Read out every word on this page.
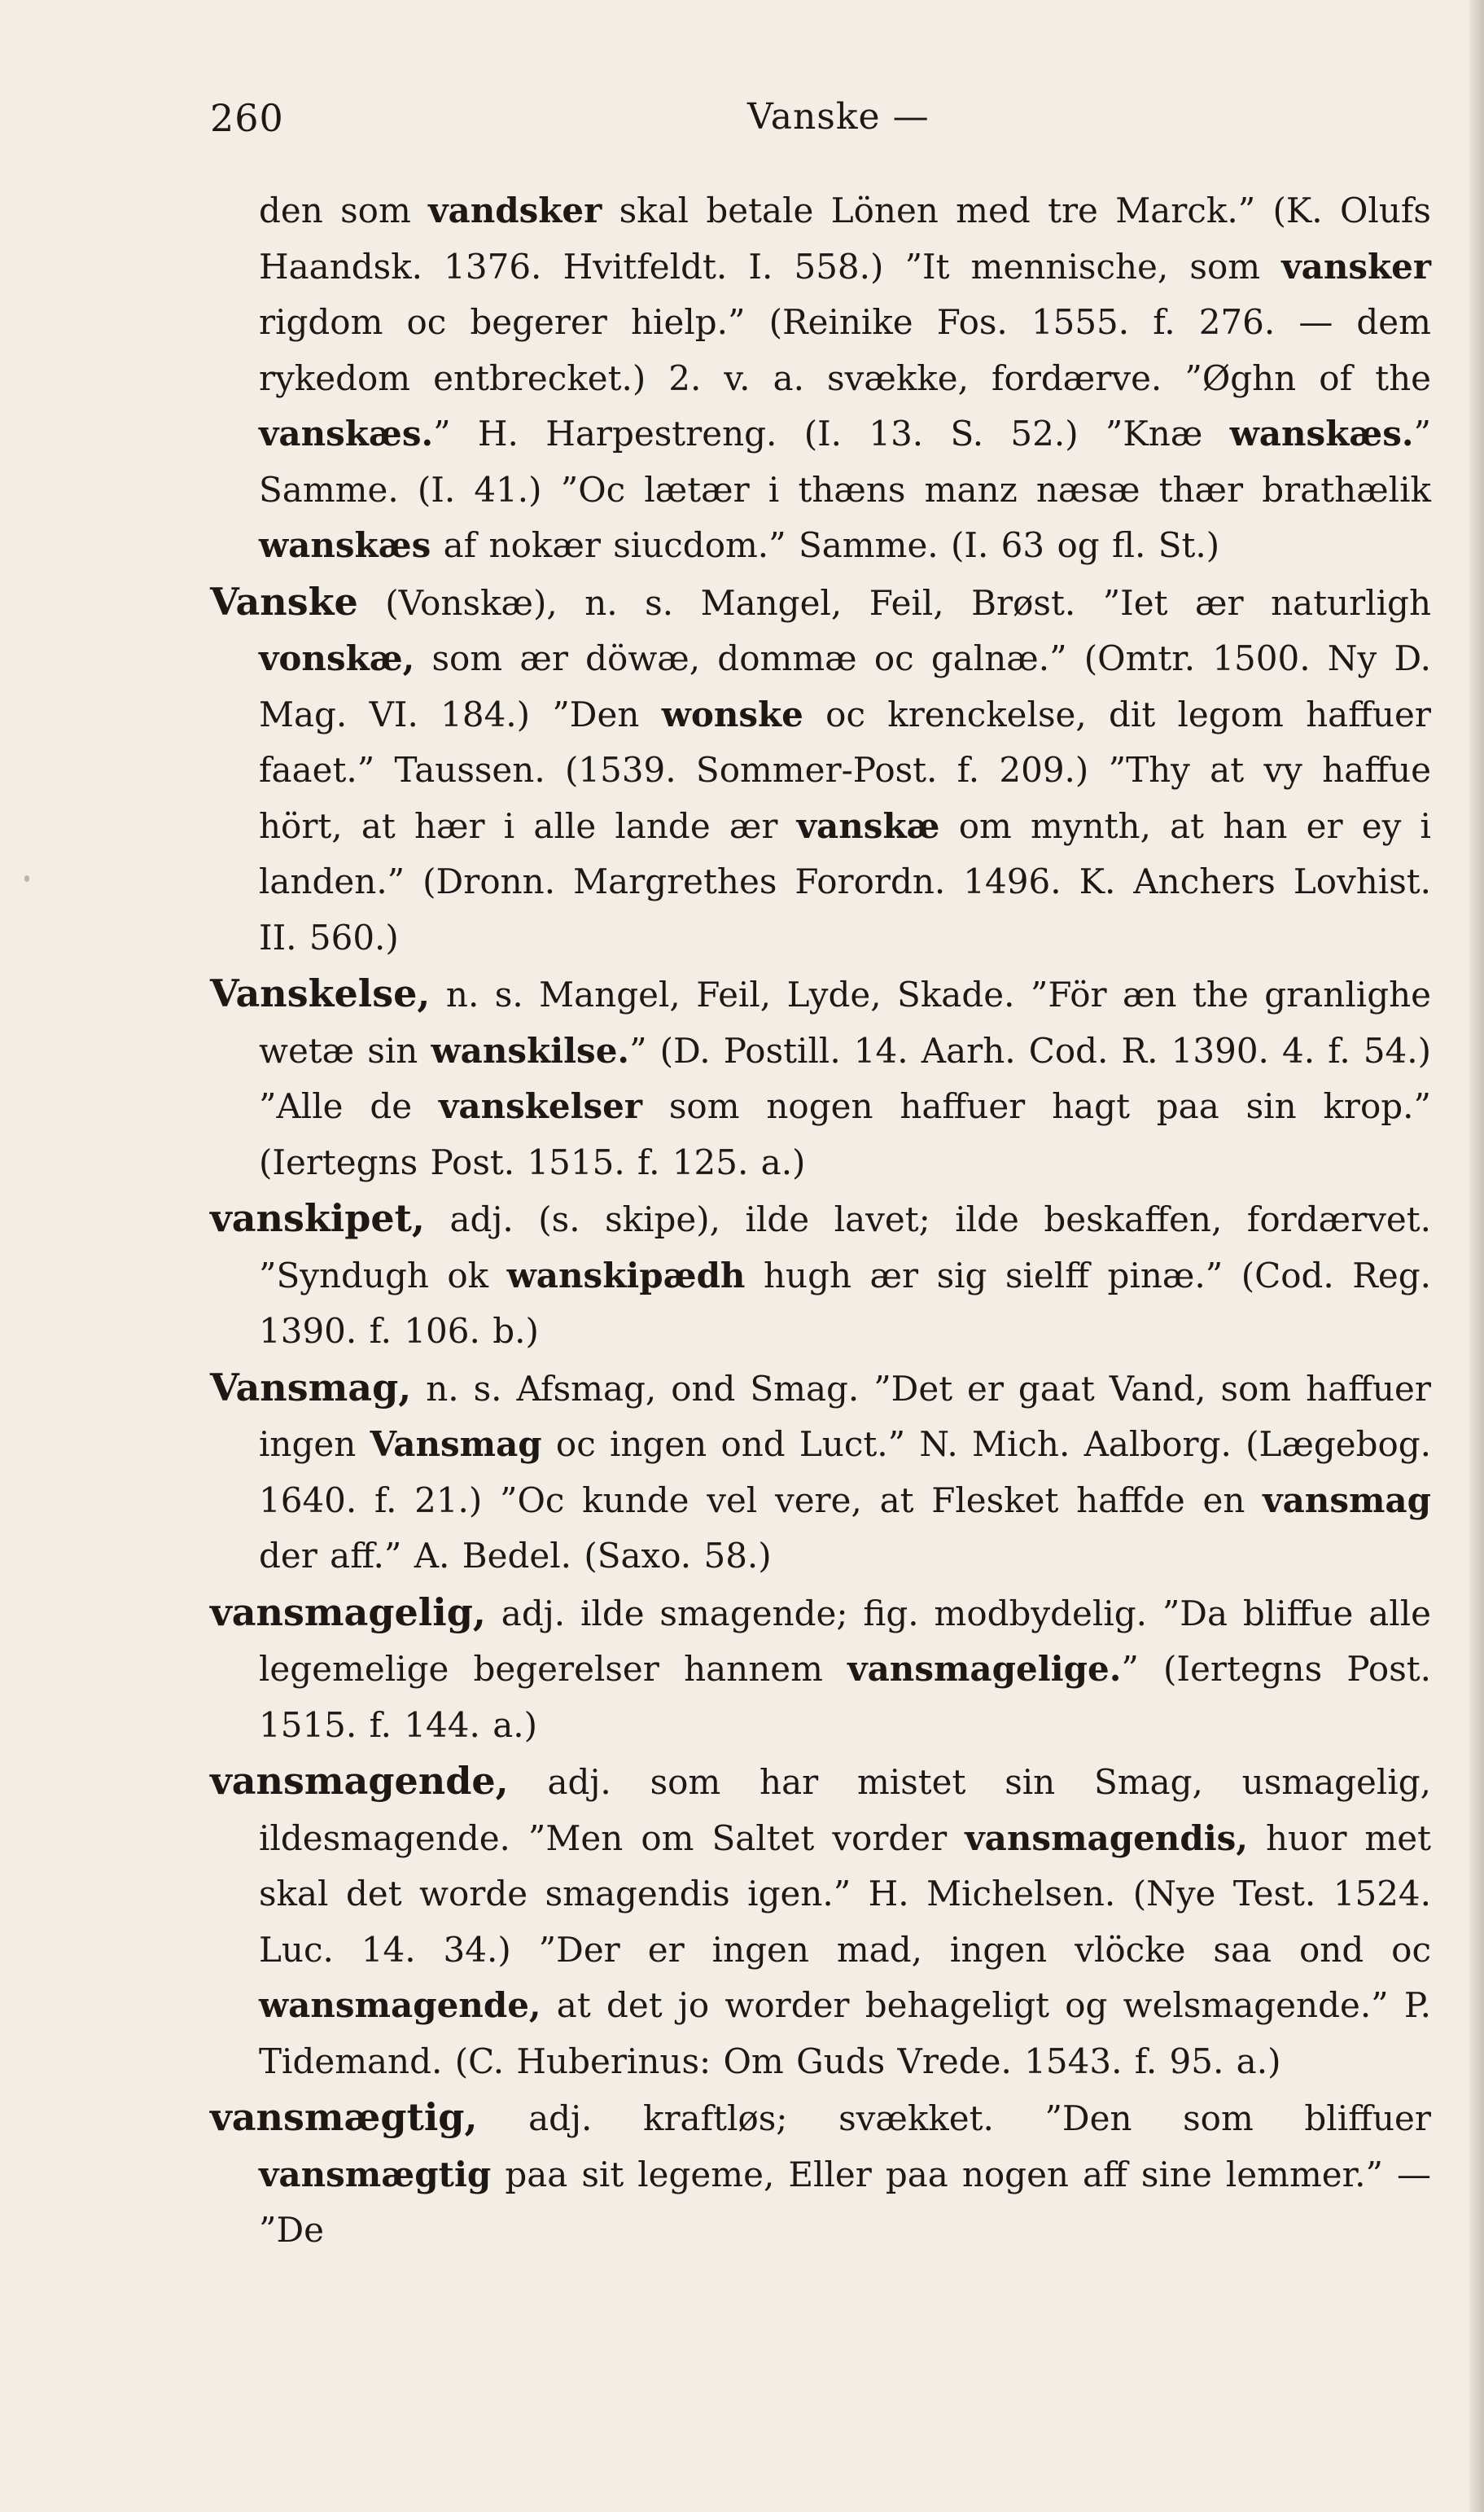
260	Vanske —

den som vandsker skal betale Lönen med tre Marck.” (K. Olufs Haandsk. 1376. Hvitfeldt. I. 558.) ”It mennische, som vansker rigdom oc begerer hielp.” (Reinike Fos. 1555. f. 276. — dem rykedom entbrecket.) 2. v. a. svække, fordærve. ”Øghn of the vanskæs.” H. Harpestreng. (I. 13. S. 52.) ”Knæ wanskæs.” Samme. (I. 41.) ”Oc lætær i thæns manz næsæ thær brathælik wanskæs af nokær siucdom.” Samme. (I. 63 og fl. St.)

Vanske (Vonskæ), n. s. Mangel, Feil, Brøst. ”Iet ær naturligh vonskæ, som ær döwæ, dommæ oc galnæ.” (Omtr. 1500. Ny D. Mag. VI. 184.) ”Den wonske oc krenckelse, dit legom haffuer faaet.” Taussen. (1539. Sommer-Post. f. 209.) ”Thy at vy haffue hört, at hær i alle lande ær vanskæ om mynth, at han er ey i landen.” (Dronn. Margrethes Forordn. 1496. K. Anchers Lovhist. II. 560.)

Vanskelse, n. s. Mangel, Feil, Lyde, Skade. ”För æn the granlighe wetæ sin wanskilse.” (D. Postill. 14. Aarh. Cod. R. 1390. 4. f. 54.) ”Alle de vanskelser som nogen haffuer hagt paa sin krop.” (Iertegns Post. 1515. f. 125. a.)

vanskipet, adj. (s. skipe), ilde lavet; ilde beskaffen, fordærvet. ”Syndugh ok wanskipædh hugh ær sig sielff pinæ.” (Cod. Reg. 1390. f. 106. b.)

Vansmag, n. s. Afsmag, ond Smag. ”Det er gaat Vand, som haffuer ingen Vansmag oc ingen ond Luct.” N. Mich. Aalborg. (Lægebog. 1640. f. 21.) ”Oc kunde vel vere, at Flesket haffde en vansmag der aff.” A. Bedel. (Saxo. 58.)

vansmagelig, adj. ilde smagende; fig. modbydelig. ”Da bliffue alle legemelige begerelser hannem vansmagelige.” (Iertegns Post. 1515. f. 144. a.)

vansmagende, adj. som har mistet sin Smag, usmagelig, ildesmagende. ”Men om Saltet vorder vansmagendis, huor met skal det worde smagendis igen.” H. Michelsen. (Nye Test. 1524. Luc. 14. 34.) ”Der er ingen mad, ingen vlöcke saa ond oc wansmagende, at det jo worder behageligt og welsmagende.” P. Tidemand. (C. Huberinus: Om Guds Vrede. 1543. f. 95. a.)

vansmægtig, adj. kraftløs; svækket. ”Den som bliffuer vansmægtig paa sit legeme, Eller paa nogen aff sine lemmer.” — ”De
